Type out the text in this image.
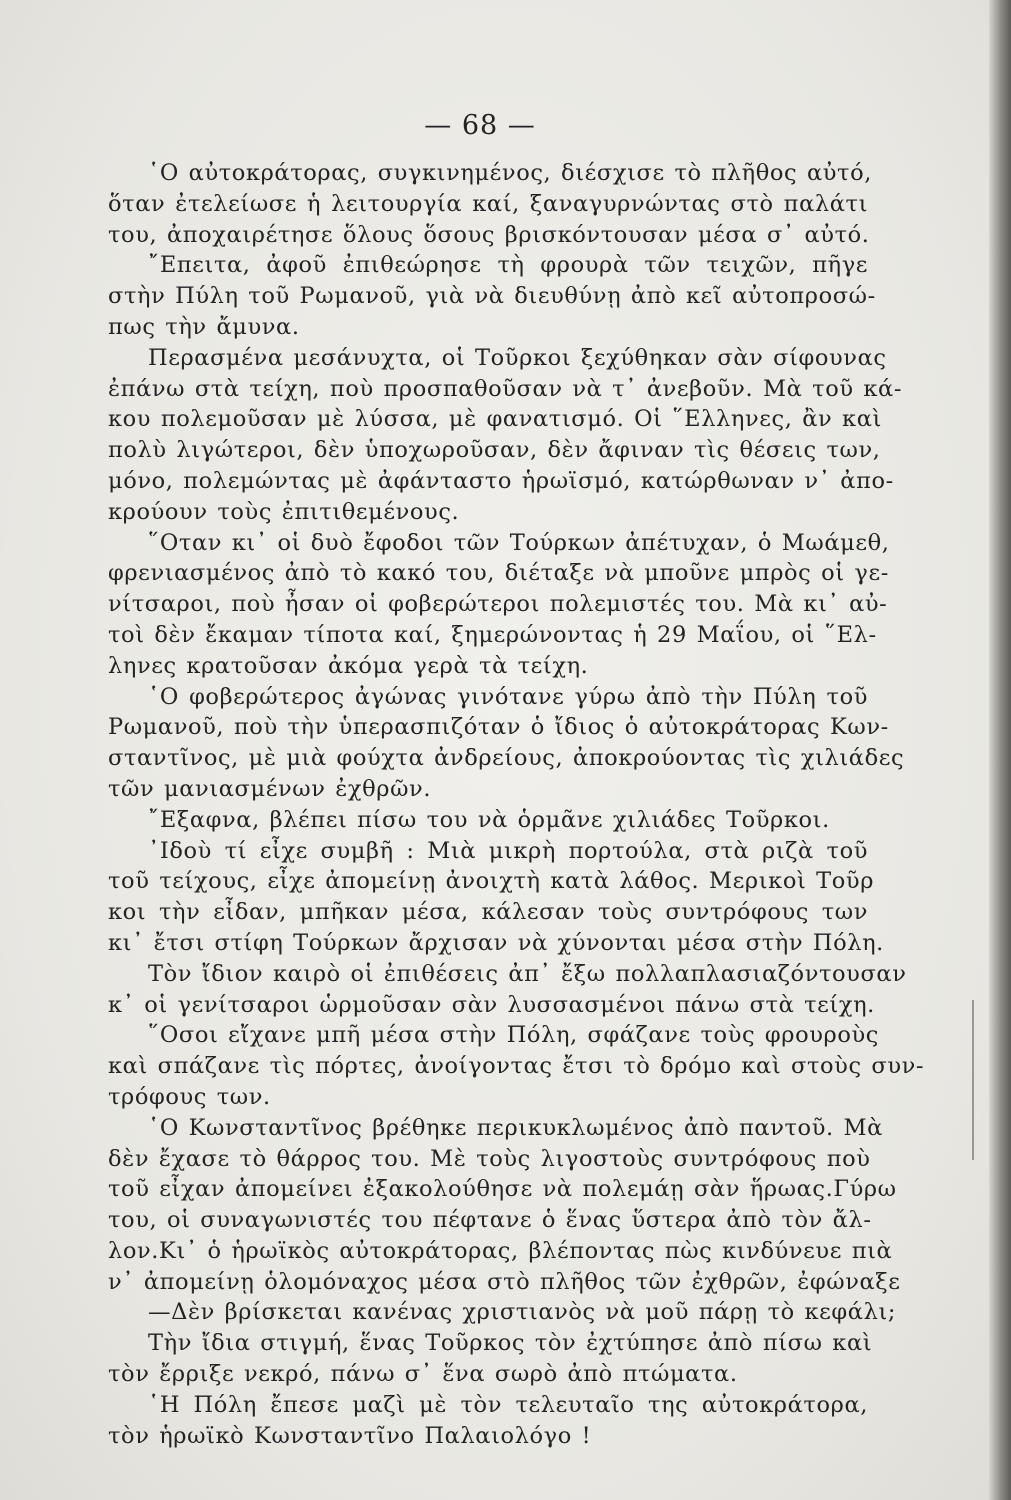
— 68 —
῾Ο αὐτοκράτορας, συγκινημένος, διέσχισε τὸ πλῆθος αὐτό,
ὅταν ἐτελείωσε ἡ λειτουργία καί, ξαναγυρνώντας στὸ παλάτι
του, ἀποχαιρέτησε ὅλους ὅσους βρισκόντουσαν μέσα σ᾽ αὐτό.
῎Επειτα, ἀφοῦ ἐπιθεώρησε τὴ φρουρὰ τῶν τειχῶν, πῆγε
στὴν Πύλη τοῦ Ρωμανοῦ, γιὰ νὰ διευθύνῃ ἀπὸ κεῖ αὐτοπροσώ-
πως τὴν ἄμυνα.
Περασμένα μεσάνυχτα, οἱ Τοῦρκοι ξεχύθηκαν σὰν σίφουνας
ἐπάνω στὰ τείχη, ποὺ προσπαθοῦσαν νὰ τ᾽ ἀνεβοῦν. Μὰ τοῦ κά-
κου πολεμοῦσαν μὲ λύσσα, μὲ φανατισμό. Οἱ ῞Ελληνες, ἂν καὶ
πολὺ λιγώτεροι, δὲν ὑποχωροῦσαν, δὲν ἄφιναν τὶς θέσεις των,
μόνο, πολεμώντας μὲ ἀφάνταστο ἡρωϊσμό, κατώρθωναν ν᾽ ἀπο-
κρούουν τοὺς ἐπιτιθεμένους.
῞Οταν κι᾽ οἱ δυὸ ἔφοδοι τῶν Τούρκων ἀπέτυχαν, ὁ Μωάμεθ,
φρενιασμένος ἀπὸ τὸ κακό του, διέταξε νὰ μποῦνε μπρὸς οἱ γε-
νίτσαροι, ποὺ ἦσαν οἱ φοβερώτεροι πολεμιστές του. Μὰ κι᾽ αὐ-
τοὶ δὲν ἔκαμαν τίποτα καί, ξημερώνοντας ἡ 29 Μαΐου, οἱ ῞Ελ-
ληνες κρατοῦσαν ἀκόμα γερὰ τὰ τείχη.
῾Ο φοβερώτερος ἀγώνας γινότανε γύρω ἀπὸ τὴν Πύλη τοῦ
Ρωμανοῦ, ποὺ τὴν ὑπερασπιζόταν ὁ ἴδιος ὁ αὐτοκράτορας Κων-
σταντῖνος, μὲ μιὰ φούχτα ἀνδρείους, ἀποκρούοντας τὶς χιλιάδες
τῶν μανιασμένων ἐχθρῶν.
῎Εξαφνα, βλέπει πίσω του νὰ ὁρμᾶνε χιλιάδες Τοῦρκοι.
᾽Ιδοὺ τί εἶχε συμβῆ : Μιὰ μικρὴ πορτούλα, στὰ ριζὰ τοῦ
τοῦ τείχους, εἶχε ἀπομείνῃ ἀνοιχτὴ κατὰ λάθος. Μερικοὶ Τοῦρ
κοι τὴν εἶδαν, μπῆκαν μέσα, κάλεσαν τοὺς συντρόφους των
κι᾽ ἔτσι στίφη Τούρκων ἄρχισαν νὰ χύνονται μέσα στὴν Πόλη.
Τὸν ἴδιον καιρὸ οἱ ἐπιθέσεις ἀπ᾽ ἔξω πολλαπλασιαζόντουσαν
κ᾽ οἱ γενίτσαροι ὡρμοῦσαν σὰν λυσσασμένοι πάνω στὰ τείχη.
῞Οσοι εἴχανε μπῆ μέσα στὴν Πόλη, σφάζανε τοὺς φρουροὺς
καὶ σπάζανε τὶς πόρτες, ἀνοίγοντας ἔτσι τὸ δρόμο καὶ στοὺς συν-
τρόφους των.
῾Ο Κωνσταντῖνος βρέθηκε περικυκλωμένος ἀπὸ παντοῦ. Μὰ
δὲν ἔχασε τὸ θάρρος του. Μὲ τοὺς λιγοστοὺς συντρόφους ποὺ
τοῦ εἶχαν ἀπομείνει ἐξακολούθησε νὰ πολεμάῃ σὰν ἥρωας.Γύρω
του, οἱ συναγωνιστές του πέφτανε ὁ ἕνας ὕστερα ἀπὸ τὸν ἄλ-
λον.Κι᾽ ὁ ἡρωϊκὸς αὐτοκράτορας, βλέποντας πὼς κινδύνευε πιὰ
ν᾽ ἀπομείνῃ ὁλομόναχος μέσα στὸ πλῆθος τῶν ἐχθρῶν, ἐφώναξε
—Δὲν βρίσκεται κανένας χριστιανὸς νὰ μοῦ πάρῃ τὸ κεφάλι;
Τὴν ἴδια στιγμή, ἕνας Τοῦρκος τὸν ἐχτύπησε ἀπὸ πίσω καὶ
τὸν ἔρριξε νεκρό, πάνω σ᾽ ἕνα σωρὸ ἀπὸ πτώματα.
῾Η Πόλη ἔπεσε μαζὶ μὲ τὸν τελευταῖο της αὐτοκράτορα,
τὸν ἡρωϊκὸ Κωνσταντῖνο Παλαιολόγο !
